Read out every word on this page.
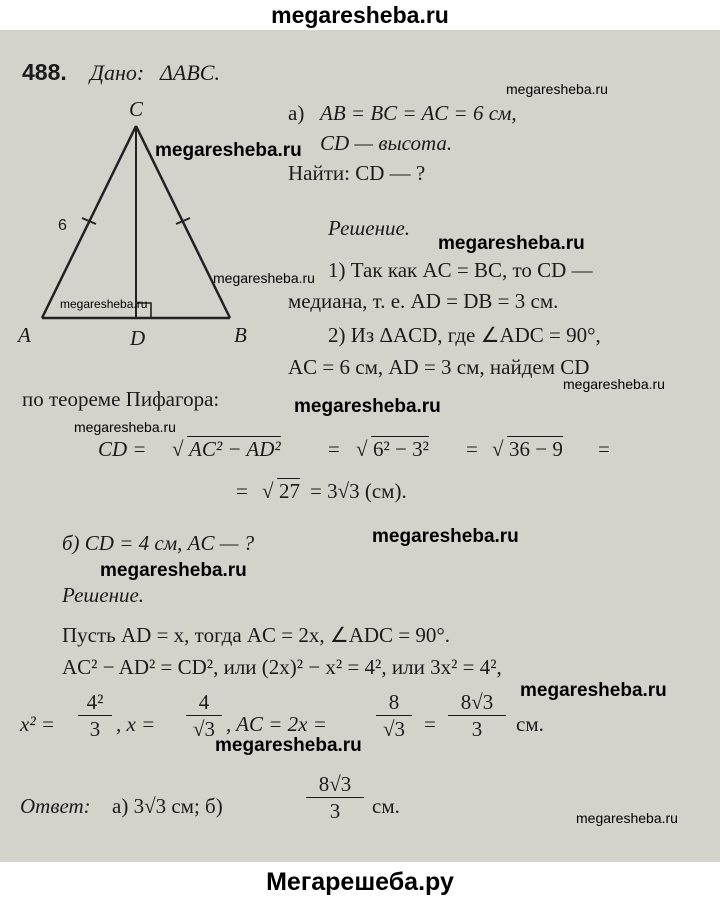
megaresheba.ru
C
A	B
D
6
488. Дано: ΔABC.
а) AB = BC = AC = 6 см,
CD — высота.
Найти: CD — ?
Решение.
1) Так как AC = BC, то CD —
медиана, т. е. AD = DB = 3 см.
2) Из ΔACD, где ∠ADC = 90°,
AC = 6 см, AD = 3 см, найдем CD
по теореме Пифагора:
CD = √ AC² − AD² = √ 6² − 3² = √ 36 − 9 =
= √ 27 = 3√3 (см).
б) CD = 4 см, AC — ?
Решение.
Пусть AD = x, тогда AC = 2x, ∠ADC = 90°.
AC² − AD² = CD², или (2x)² − x² = 4², или 3x² = 4²,
x² =
4²
3 , x =
4
√3 , AC = 2x =
8
√3 =
8√3
3	см.
Ответ: а) 3√3 см; б)
8√3
3	см.
megaresheba.ru
megaresheba.ru
megaresheba.ru
megaresheba.ru
megaresheba.ru
megaresheba.ru
megaresheba.ru
megaresheba.ru
megaresheba.ru
megaresheba.ru
megaresheba.ru
megaresheba.ru
megaresheba.ru
Мегарешеба.ру
